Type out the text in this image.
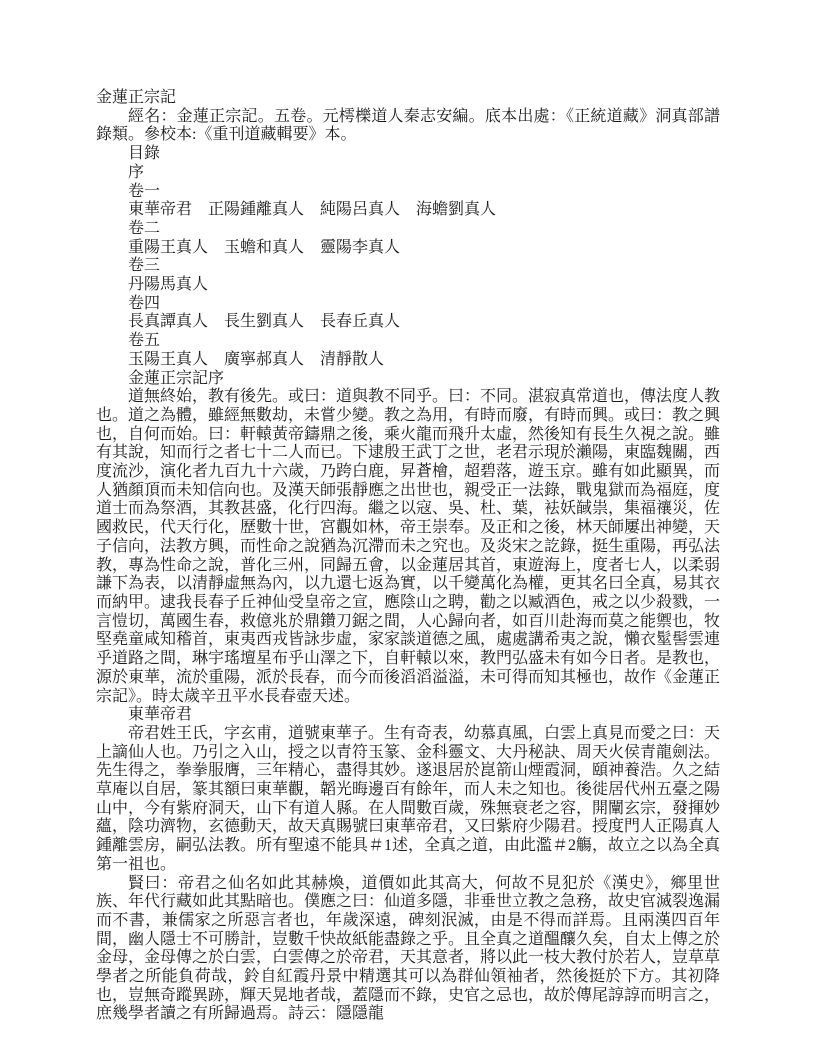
金蓮正宗記

經名：金蓮正宗記。五卷。元樗櫟道人秦志安編。底本出處：《正統道藏》洞真部譜錄類。參校本:《重刊道藏輯要》本。

目錄

序

卷一

東華帝君　正陽鍾離真人　純陽呂真人　海蟾劉真人

卷二

重陽王真人　玉蟾和真人　靈陽李真人

卷三

丹陽馬真人

卷四

長真譚真人　長生劉真人　長春丘真人

卷五

玉陽王真人　廣寧郝真人　清靜散人

金蓮正宗記序

道無終始，教有後先。或曰：道與教不同乎。曰：不同。湛寂真常道也，傳法度人教也。道之為體，雖經無數劫，未嘗少變。教之為用，有時而廢，有時而興。或曰：教之興也，自何而始。曰：軒轅黃帝鑄鼎之後，乘火龍而飛升太虛，然後知有長生久視之說。雖有其說，知而行之者七十二人而已。下逮殷王武丁之世，老君示現於瀨陽，東臨魏關，西度流沙，演化者九百九十六歲，乃跨白鹿，昇蒼檜，超碧落，遊玉京。雖有如此顯異，而人猶顏頂而未知信向也。及漢天師張靜應之出世也，親受正一法錄，戰鬼獄而為福庭，度道士而為祭酒，其教甚盛，化行四海。繼之以寇、吳、杜、葉，袪妖馘祟，集福禳災，佐國救民，代天行化，歷數十世，宮觀如林，帝王崇奉。及正和之後，林天師屢出神變，天子信向，法教方興，而性命之說猶為沉滯而未之究也。及炎宋之訖錄，挺生重陽，再弘法教，專為性命之說，普化三州，同歸五會，以金蓮居其首，東遊海上，度者七人，以柔弱謙下為表，以清靜虛無為內，以九還七返為實，以千變萬化為權，更其名曰全真，易其衣而納甲。逮我長春子丘神仙受皇帝之宣，應陰山之聘，勸之以臧酒色，戒之以少殺戮，一言愷切，萬國生春，救億兆於鼎鑽刀鋸之間，人心歸向者，如百川赴海而莫之能禦也，牧堅堯童咸知稽首，東夷西戎皆詠步虛，家家談道德之風，處處講希夷之說，懶衣髽髻雲連乎道路之間，琳宇瑤壇星布乎山澤之下，自軒轅以來，教門弘盛未有如今日者。是教也，源於東華，流於重陽，派於長春，而今而後滔滔溢溢，未可得而知其極也，故作《金蓮正宗記》。時太歲辛丑平水長春壺天述。

東華帝君

帝君姓王氏，字玄甫，道號東華子。生有奇表，幼慕真風，白雲上真見而愛之曰：天上謫仙人也。乃引之入山，授之以青符玉篆、金科靈文、大丹秘訣、周天火侯青龍劍法。先生得之，拳拳服膺，三年精心，盡得其妙。遂退居於崑箭山煙霞洞，頤神養浩。久之結草庵以自居，篆其額曰東華觀，韜光晦邊百有餘年，而人未之知也。後徙居代州五臺之陽山中，今有紫府洞天，山下有道人縣。在人間數百歲，殊無衰老之容，開闡玄宗，發揮妙蘊，陰功濟物，玄德動天，故天真賜號曰東華帝君，又曰紫府少陽君。授度門人正陽真人鍾離雲房，嗣弘法教。所有聖遠不能具＃1述，全真之道，由此濫＃2觴，故立之以為全真第一祖也。

賢曰：帝君之仙名如此其赫煥，道價如此其高大，何故不見犯於《漢史》，鄉里世族、年代行藏如此其點暗也。僕應之曰：仙道多隱，非垂世立教之急務，故史官滅裂逸漏而不書，兼儒家之所惡言者也，年歲深遠，碑刻泯滅，由是不得而詳焉。且兩漢四百年間，幽人隱士不可勝計，豈數千快故紙能盡錄之乎。且全真之道醞釀久矣，自太上傳之於金母，金母傳之於白雲，白雲傳之於帝君，天其意者，將以此一枝大教付於若人，豈草草學者之所能負荷哉，鈴自紅霞丹景中精選其可以為群仙領袖者，然後挺於下方。其初降也，豈無奇蹤異跡，輝天晃地者哉，蓋隱而不錄，史官之忌也，故於傳尾諄諄而明言之，庶幾學者讀之有所歸過焉。詩云：隱隱龍
